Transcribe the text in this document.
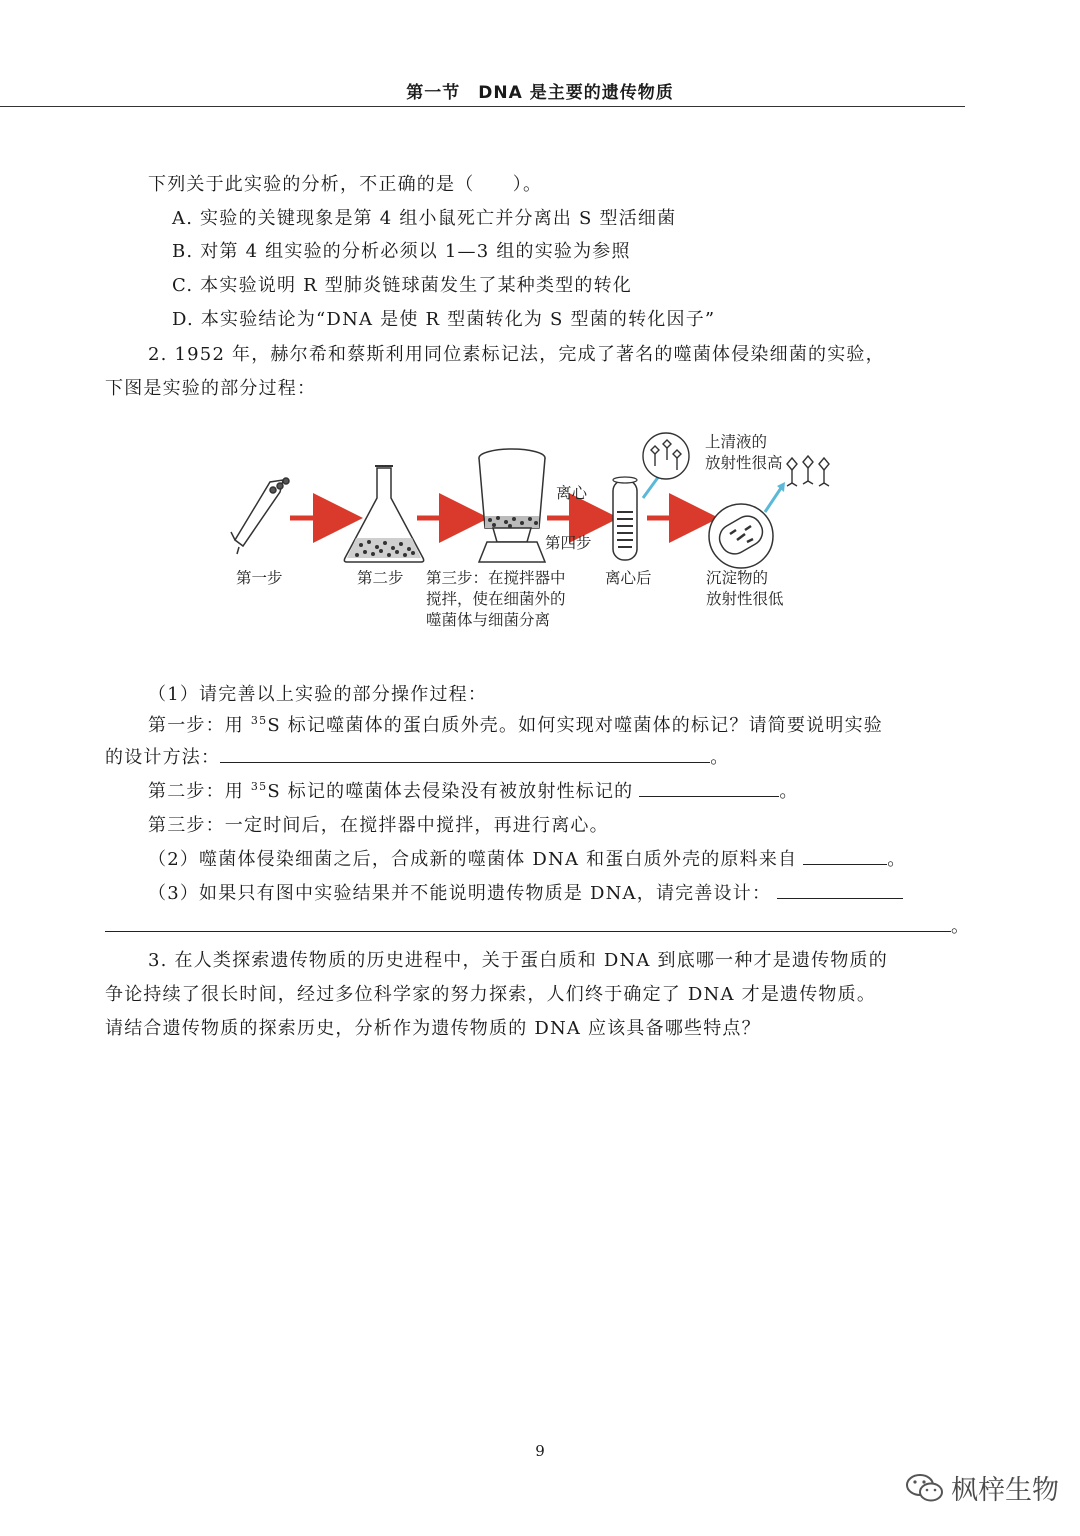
第一节　DNA 是主要的遗传物质
下列关于此实验的分析，不正确的是（　　）。
A. 实验的关键现象是第 4 组小鼠死亡并分离出 S 型活细菌
B. 对第 4 组实验的分析必须以 1—3 组的实验为参照
C. 本实验说明 R 型肺炎链球菌发生了某种类型的转化
D. 本实验结论为“DNA 是使 R 型菌转化为 S 型菌的转化因子”
2. 1952 年，赫尔希和蔡斯利用同位素标记法，完成了著名的噬菌体侵染细菌的实验，
下图是实验的部分过程：
第一步	第二步 第三步：在搅拌器中
搅拌，使在细菌外的
噬菌体与细菌分离
离心
第四步
离心后
上清液的
放射性很高
沉淀物的
放射性很低
（1）请完善以上实验的部分操作过程：
第一步：用 $^{35}$S 标记噬菌体的蛋白质外壳。如何实现对噬菌体的标记？请简要说明实验
的设计方法：	。
第二步：用 $^{35}$S 标记的噬菌体去侵染没有被放射性标记的	。
第三步：一定时间后，在搅拌器中搅拌，再进行离心。
（2）噬菌体侵染细菌之后，合成新的噬菌体 DNA 和蛋白质外壳的原料来自	。
（3）如果只有图中实验结果并不能说明遗传物质是 DNA，请完善设计：
。
3. 在人类探索遗传物质的历史进程中，关于蛋白质和 DNA 到底哪一种才是遗传物质的
争论持续了很长时间，经过多位科学家的努力探索，人们终于确定了 DNA 才是遗传物质。
请结合遗传物质的探索历史，分析作为遗传物质的 DNA 应该具备哪些特点？
9
枫梓生物
